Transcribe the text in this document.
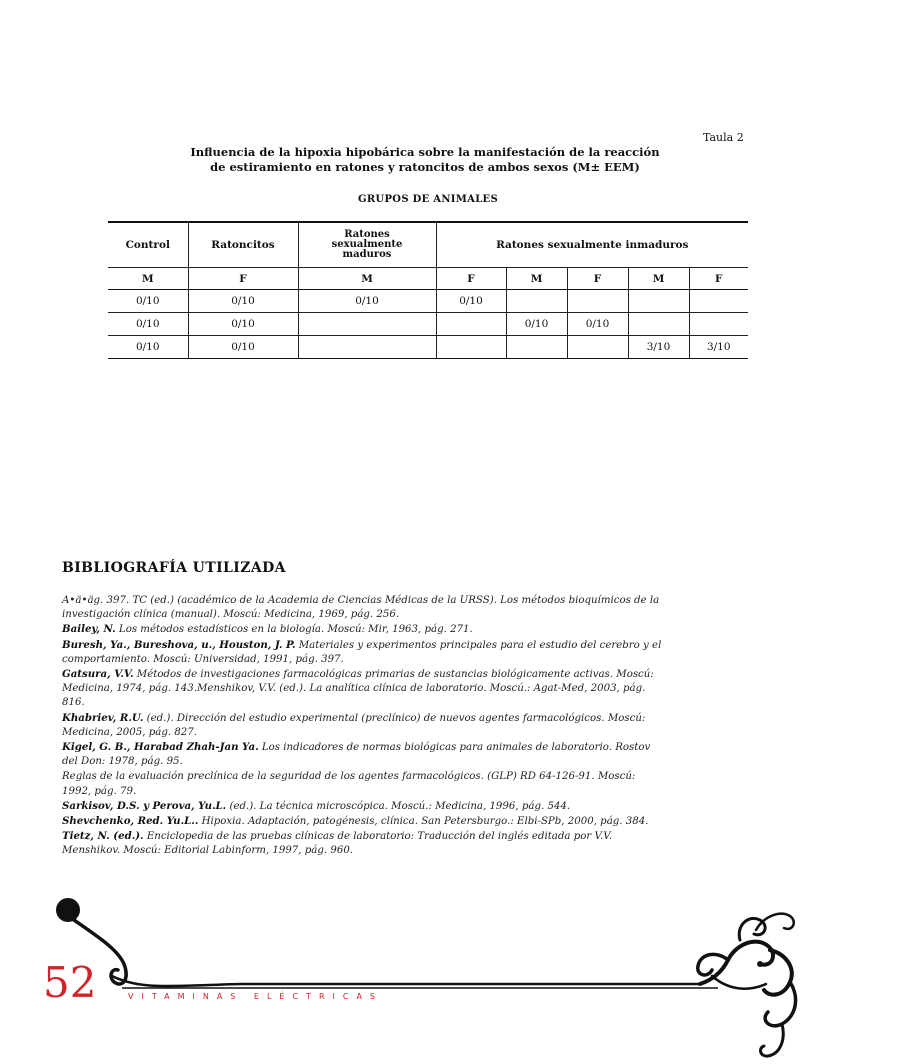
Taula 2
Influencia de la hipoxia hipobárica sobre la manifestación de la reacción
de estiramiento en ratones y ratoncitos de ambos sexos (M± EEM)
GRUPOS DE ANIMALES
Control	Ratoncitos	Ratones
sexualmente
maduros	Ratones sexualmente inmaduros				
M	F	M	F	M	F	M	F
0/10	0/10	0/10	0/10				
0/10	0/10			0/10	0/10		
0/10	0/10					3/10	3/10
BIBLIOGRAFÍA UTILIZADA

A•ä•äg. 397. TC (ed.) (académico de la Academia de Ciencias Médicas de la URSS). Los métodos bioquímicos de la investigación clínica (manual). Moscú: Medicina, 1969, pág. 256.

Bailey, N. Los métodos estadísticos en la biología. Moscú: Mir, 1963, pág. 271.

Buresh, Ya., Bureshova, u., Houston, J. P. Materiales y experimentos principales para el estudio del cerebro y el comportamiento. Moscú: Universidad, 1991, pág. 397.

Gatsura, V.V. Métodos de investigaciones farmacológicas primarias de sustancias biológicamente activas. Moscú: Medicina, 1974, pág. 143.Menshikov, V.V. (ed.). La analítica clínica de laboratorio. Moscú.: Agat-Med, 2003, pág. 816.

Khabriev, R.U. (ed.). Dirección del estudio experimental (preclínico) de nuevos agentes farmacológicos. Moscú: Medicina, 2005, pág. 827.

Kigel, G. B., Harabad Zhah-Jan Ya. Los indicadores de normas biológicas para animales de laboratorio. Rostov del Don: 1978, pág. 95.

Reglas de la evaluación preclínica de la seguridad de los agentes farmacológicos. (GLP) RD 64-126-91. Moscú: 1992, pág. 79.

Sarkisov, D.S. y Perova, Yu.L. (ed.). La técnica microscópica. Moscú.: Medicina, 1996, pág. 544.

Shevchenko, Red. Yu.L.. Hipoxia. Adaptación, patogénesis, clínica. San Petersburgo.: Elbi-SPb, 2000, pág. 384.

Tietz, N. (ed.). Enciclopedia de las pruebas clínicas de laboratorio: Traducción del inglés editada por V.V. Menshikov. Moscú: Editorial Labinform, 1997, pág. 960.

52	VITAMINAS ELÉCTRICAS
